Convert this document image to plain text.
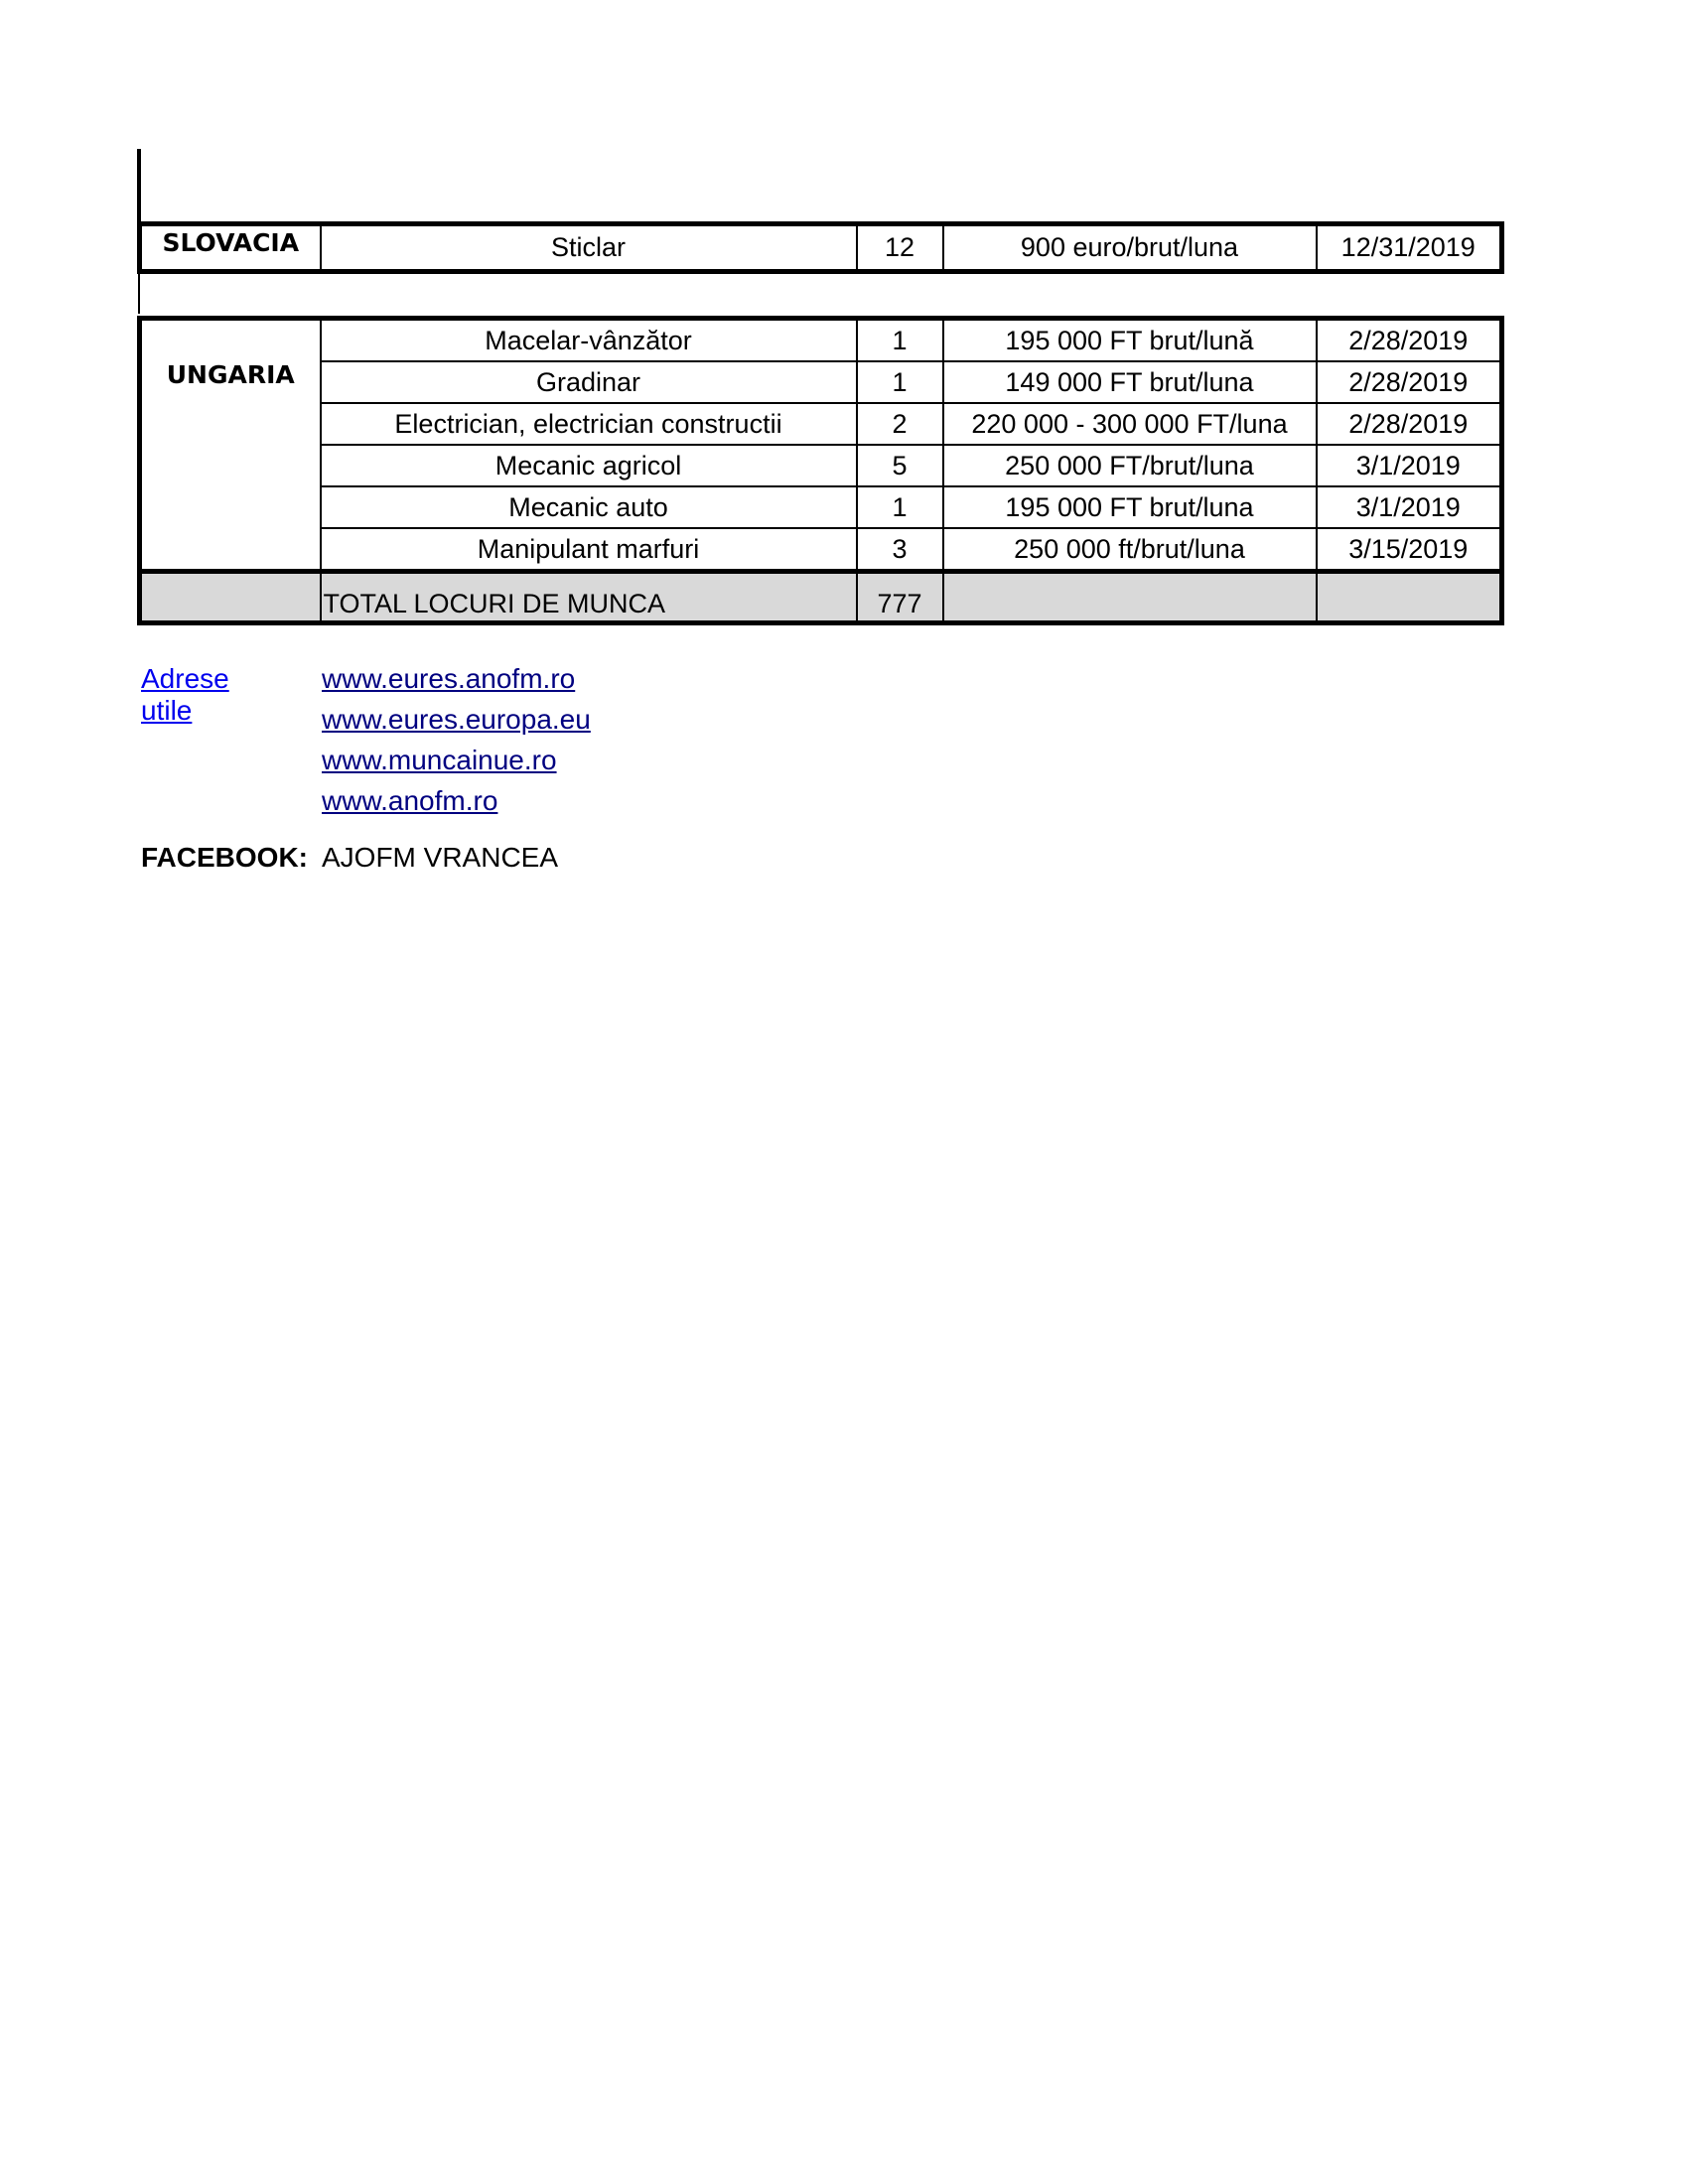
SLOVACIA	Sticlar	12	900 euro/brut/luna	12/31/2019
UNGARIA	Macelar-vânzător	1	195 000 FT brut/lună	2/28/2019
	Gradinar	1	149 000 FT brut/luna	2/28/2019
	Electrician, electrician constructii	2	220 000 - 300 000 FT/luna	2/28/2019
	Mecanic agricol	5	250 000 FT/brut/luna	3/1/2019
	Mecanic auto	1	195 000 FT brut/luna	3/1/2019
	Manipulant marfuri	3	250 000 ft/brut/luna	3/15/2019
	TOTAL LOCURI DE MUNCA	777		
Adrese utile
www.eures.anofm.ro
www.eures.europa.eu
www.muncainue.ro
www.anofm.ro
FACEBOOK: AJOFM VRANCEA
